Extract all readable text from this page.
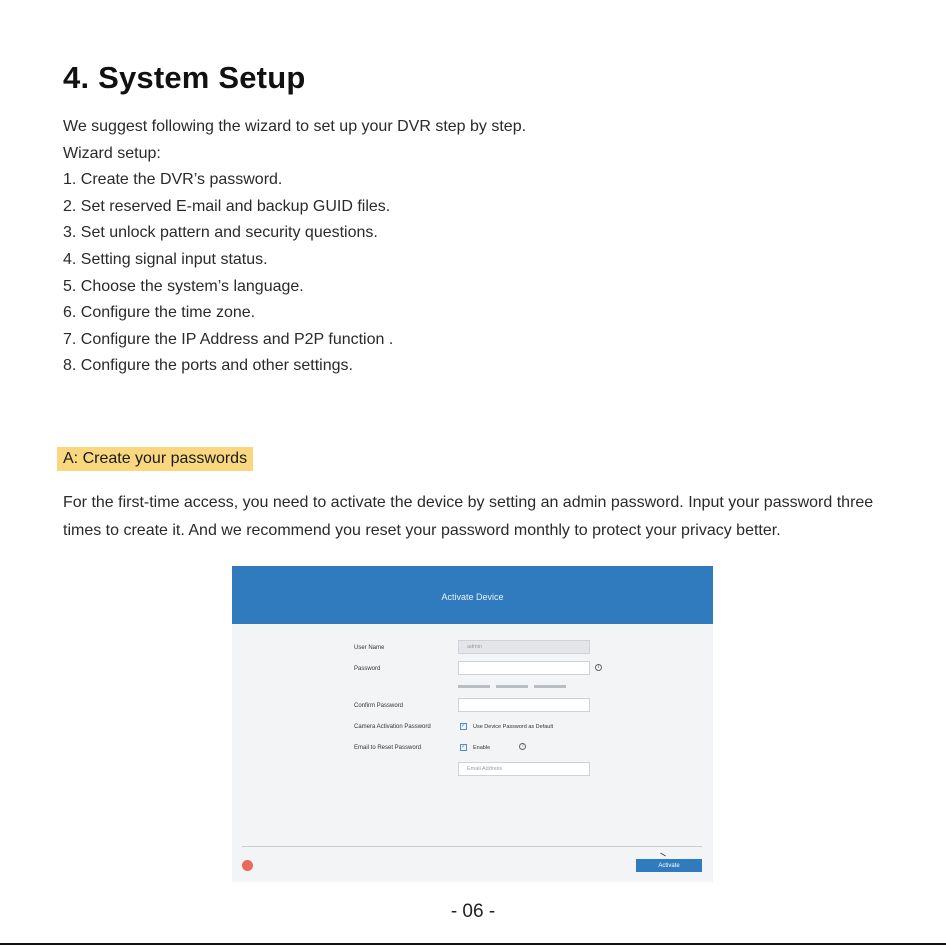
4. System Setup
We suggest following the wizard to set up your DVR step by step.
Wizard setup:
1. Create the DVR’s password.
2. Set reserved E-mail and backup GUID files.
3. Set unlock pattern and security questions.
4. Setting signal input status.
5. Choose the system’s language.
6. Configure the time zone.
7. Configure the IP Address and P2P function .
8. Configure the ports and other settings.
A: Create your passwords
For the first-time access, you need to activate the device by setting an admin password. Input your password three times to create it. And we recommend you reset your password monthly to protect your privacy better.
Activate Device
User Name	admin
Password	i
Confirm Password
Camera Activation Password	✓ Use Device Password as Default
Email to Reset Password	✓ Enable	?
Email Address
Activate
- 06 -
